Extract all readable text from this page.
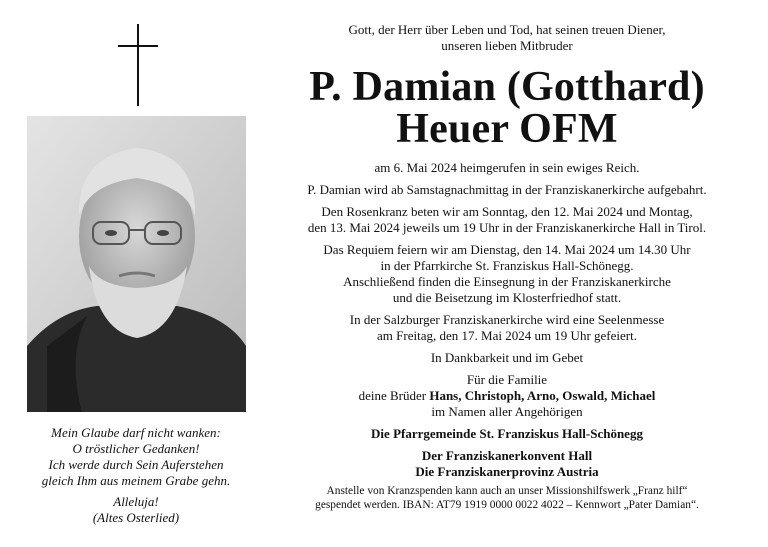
Mein Glaube darf nicht wanken:
O tröstlicher Gedanken!
Ich werde durch Sein Auferstehen
gleich Ihm aus meinem Grabe gehn.
Alleluja!
(Altes Osterlied)

Gott, der Herr über Leben und Tod, hat seinen treuen Diener,

unseren lieben Mitbruder

P. Damian (Gotthard)
Heuer OFM

am 6. Mai 2024 heimgerufen in sein ewiges Reich.

P. Damian wird ab Samstagnachmittag in der Franziskanerkirche aufgebahrt.

Den Rosenkranz beten wir am Sonntag, den 12. Mai 2024 und Montag,

den 13. Mai 2024 jeweils um 19 Uhr in der Franziskanerkirche Hall in Tirol.

Das Requiem feiern wir am Dienstag, den 14. Mai 2024 um 14.30 Uhr

in der Pfarrkirche St. Franziskus Hall-Schönegg.

Anschließend finden die Einsegnung in der Franziskanerkirche

und die Beisetzung im Klosterfriedhof statt.

In der Salzburger Franziskanerkirche wird eine Seelenmesse

am Freitag, den 17. Mai 2024 um 19 Uhr gefeiert.

In Dankbarkeit und im Gebet

Für die Familie

deine Brüder Hans, Christoph, Arno, Oswald, Michael

im Namen aller Angehörigen

Die Pfarrgemeinde St. Franziskus Hall-Schönegg

Der Franziskanerkonvent Hall

Die Franziskanerprovinz Austria

Anstelle von Kranzspenden kann auch an unser Missionshilfswerk „Franz hilf“

gespendet werden. IBAN: AT79 1919 0000 0022 4022 – Kennwort „Pater Damian“.
